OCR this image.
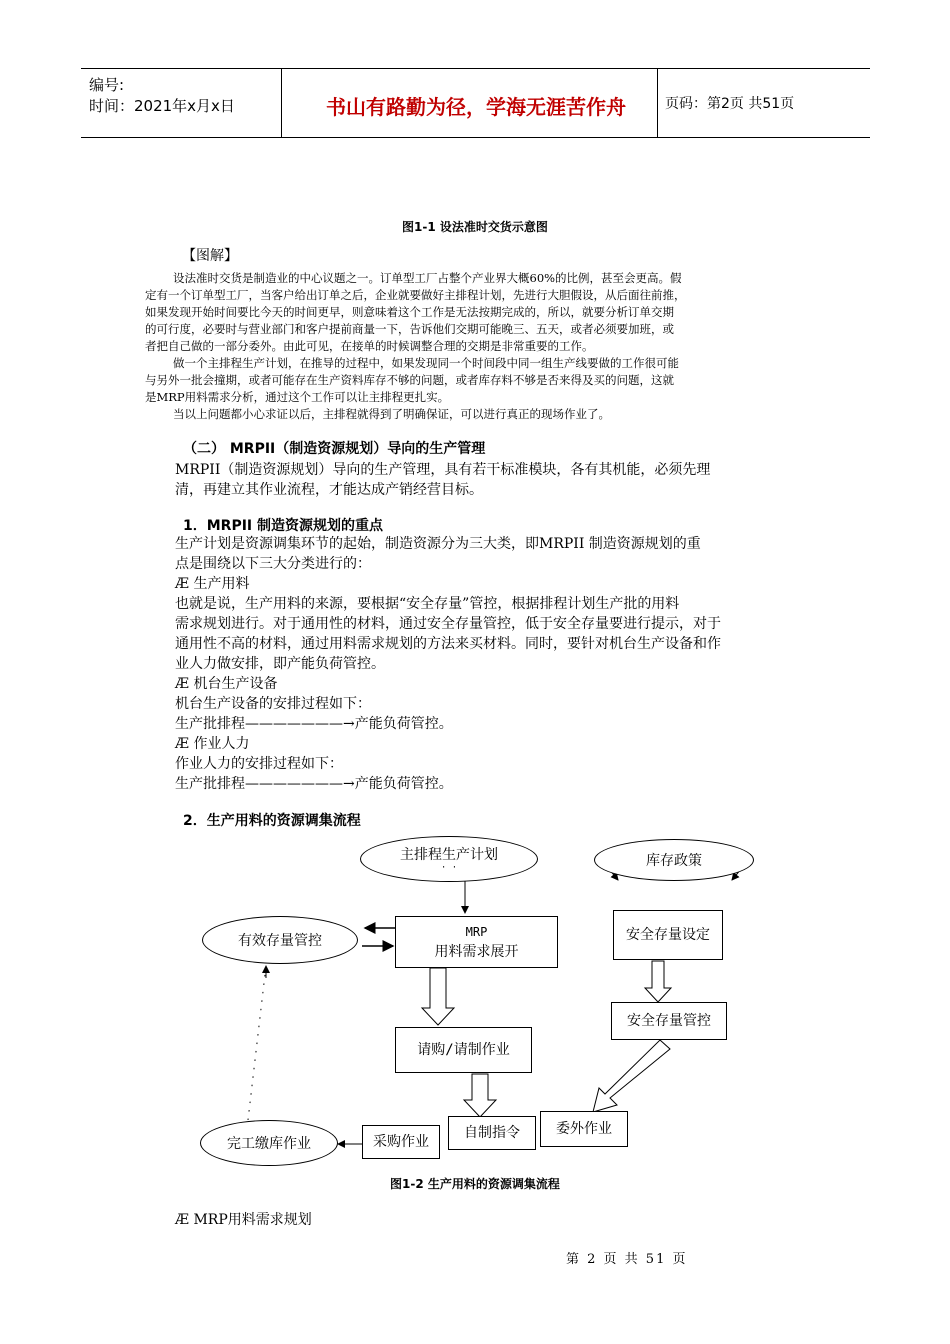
编号:
时间：2021年x月x日	书山有路勤为径，学海无涯苦作舟	页码：第2页 共51页
图1-1 设法准时交货示意图
【图解】
设法准时交货是制造业的中心议题之一。订单型工厂占整个产业界大概60%的比例，甚至会更高。假
定有一个订单型工厂，当客户给出订单之后，企业就要做好主排程计划，先进行大胆假设，从后面往前推，
如果发现开始时间要比今天的时间更早，则意味着这个工作是无法按期完成的，所以，就要分析订单交期
的可行度，必要时与营业部门和客户提前商量一下，告诉他们交期可能晚三、五天，或者必须要加班，或
者把自己做的一部分委外。由此可见，在接单的时候调整合理的交期是非常重要的工作。
做一个主排程生产计划，在推导的过程中，如果发现同一个时间段中同一组生产线要做的工作很可能
与另外一批会撞期，或者可能存在生产资料库存不够的问题，或者库存料不够是否来得及买的问题，这就
是MRP用料需求分析，通过这个工作可以让主排程更扎实。
当以上问题都小心求证以后，主排程就得到了明确保证，可以进行真正的现场作业了。
（二） MRPII（制造资源规划）导向的生产管理
MRPII（制造资源规划）导向的生产管理，具有若干标准模块，各有其机能，必须先理
清，再建立其作业流程，才能达成产销经营目标。
1．MRPII 制造资源规划的重点
生产计划是资源调集环节的起始，制造资源分为三大类，即MRPII 制造资源规划的重
点是围绕以下三大分类进行的：
Æ 生产用料
也就是说，生产用料的来源，要根据“安全存量”管控，根据排程计划生产批的用料
需求规划进行。对于通用性的材料，通过安全存量管控，低于安全存量要进行提示，对于
通用性不高的材料，通过用料需求规划的方法来买材料。同时，要针对机台生产设备和作
业人力做安排，即产能负荷管控。
Æ 机台生产设备
机台生产设备的安排过程如下：
生产批排程———————→产能负荷管控。
Æ 作业人力
作业人力的安排过程如下：
生产批排程———————→产能负荷管控。
2．生产用料的资源调集流程
主排程生产计划
· ·	库存政策
有效存量管控
MRP
用料需求展开
安全存量设定
安全存量管控
请购/请制作业
自制指令	委外作业
采购作业
完工缴库作业
图1-2 生产用料的资源调集流程
Æ MRP用料需求规划
第 2 页 共 51 页
